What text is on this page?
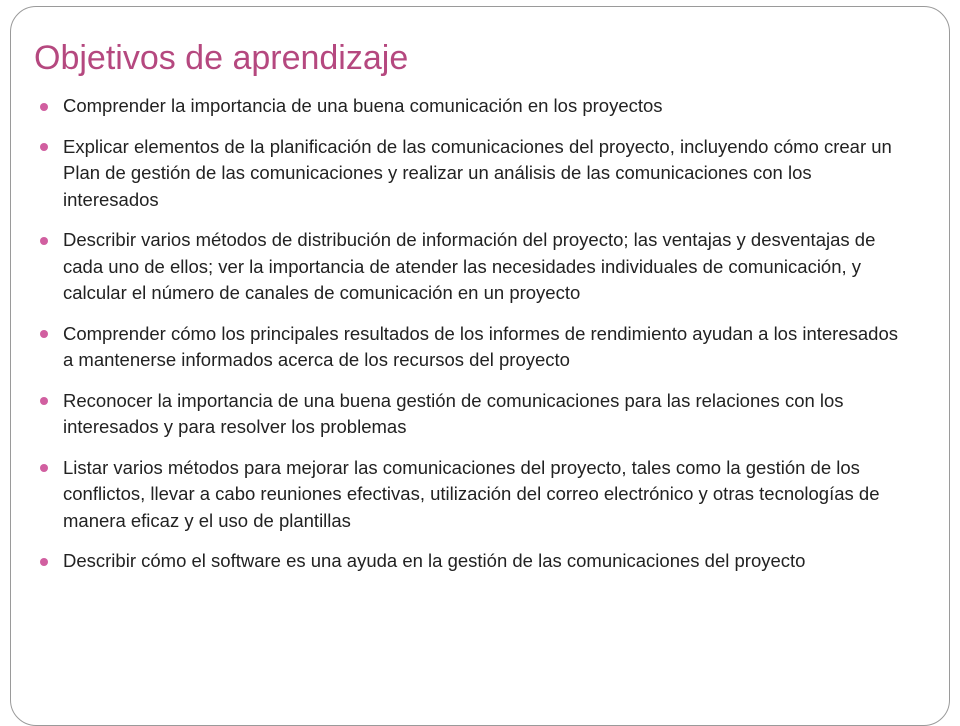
Objetivos de aprendizaje
Comprender la importancia de una buena comunicación en los proyectos
Explicar elementos de la planificación de las comunicaciones del proyecto, incluyendo cómo crear un Plan de gestión de las comunicaciones y realizar un análisis de las comunicaciones con los interesados
Describir varios métodos de distribución de información del proyecto; las ventajas y desventajas de cada uno de ellos; ver la importancia de atender las necesidades individuales de comunicación, y calcular el número de canales de comunicación en un proyecto
Comprender cómo los principales resultados de los informes de rendimiento ayudan a los interesados a mantenerse informados acerca de los recursos del proyecto
Reconocer la importancia de una buena gestión de comunicaciones para las relaciones con los interesados y para resolver los problemas
Listar varios métodos para mejorar las comunicaciones del proyecto, tales como la gestión de los conflictos, llevar a cabo reuniones efectivas, utilización del correo electrónico y otras tecnologías de manera eficaz y el uso de plantillas
Describir cómo el software es una ayuda en la gestión de las comunicaciones del proyecto
